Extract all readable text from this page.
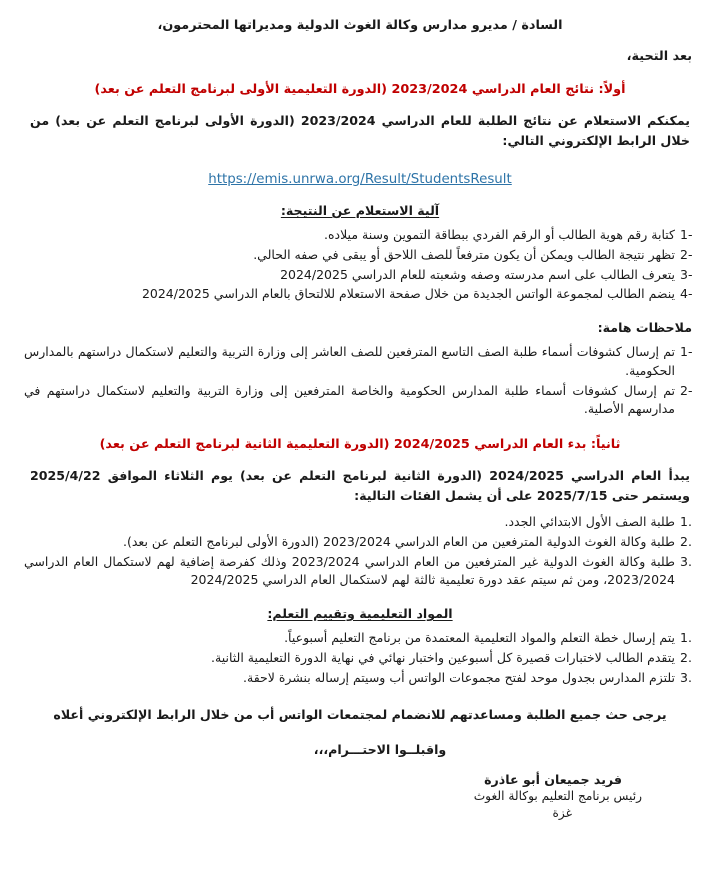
السادة / مديرو مدارس وكالة الغوث الدولية ومديراتها المحترمون،

بعد التحية،

أولاً: نتائج العام الدراسي 2023/2024 (الدورة التعليمية الأولى لبرنامج التعلم عن بعد)

يمكنكم الاستعلام عن نتائج الطلبة للعام الدراسي 2023/2024 (الدورة الأولى لبرنامج التعلم عن بعد) من خلال الرابط الإلكتروني التالي:

https://emis.unrwa.org/Result/StudentsResult

آلية الاستعلام عن النتيجة:

1-
كتابة رقم هوية الطالب أو الرقم الفردي ببطاقة التموين وسنة ميلاده.
2-
تظهر نتيجة الطالب ويمكن أن يكون مترفعاً للصف اللاحق أو يبقى في صفه الحالي.
3-
يتعرف الطالب على اسم مدرسته وصفه وشعبته للعام الدراسي 2024/2025
4-
ينضم الطالب لمجموعة الواتس الجديدة من خلال صفحة الاستعلام للالتحاق بالعام الدراسي 2024/2025

ملاحظات هامة:

1-
تم إرسال كشوفات أسماء طلبة الصف التاسع المترفعين للصف العاشر إلى وزارة التربية والتعليم لاستكمال دراستهم بالمدارس الحكومية.
2-
تم إرسال كشوفات أسماء طلبة المدارس الحكومية والخاصة المترفعين إلى وزارة التربية والتعليم لاستكمال دراستهم في مدارسهم الأصلية.

ثانياً: بدء العام الدراسي 2024/2025 (الدورة التعليمية الثانية لبرنامج التعلم عن بعد)

يبدأ العام الدراسي 2024/2025 (الدورة الثانية لبرنامج التعلم عن بعد) يوم الثلاثاء الموافق 2025/4/22 ويستمر حتى 2025/7/15 على أن يشمل الفئات التالية:

1.
طلبة الصف الأول الابتدائي الجدد.
2.
طلبة وكالة الغوث الدولية المترفعين من العام الدراسي 2023/2024 (الدورة الأولى لبرنامج التعلم عن بعد).
3.
طلبة وكالة الغوث الدولية غير المترفعين من العام الدراسي 2023/2024 وذلك كفرصة إضافية لهم لاستكمال العام الدراسي 2023/2024، ومن ثم سيتم عقد دورة تعليمية ثالثة لهم لاستكمال العام الدراسي 2024/2025

المواد التعليمية وتقييم التعلم:

1.
يتم إرسال خطة التعلم والمواد التعليمية المعتمدة من برنامج التعليم أسبوعياً.
2.
يتقدم الطالب لاختبارات قصيرة كل أسبوعين واختبار نهائي في نهاية الدورة التعليمية الثانية.
3.
تلتزم المدارس بجدول موحد لفتح مجموعات الواتس أب وسيتم إرساله بنشرة لاحقة.

يرجى حث جميع الطلبة ومساعدتهم للانضمام لمجتمعات الواتس أب من خلال الرابط الإلكتروني أعلاه

واقبلــوا الاحتـــرام،،،

فريد جميعان أبو عاذرة
رئيس برنامج التعليم بوكالة الغوث
غزة
